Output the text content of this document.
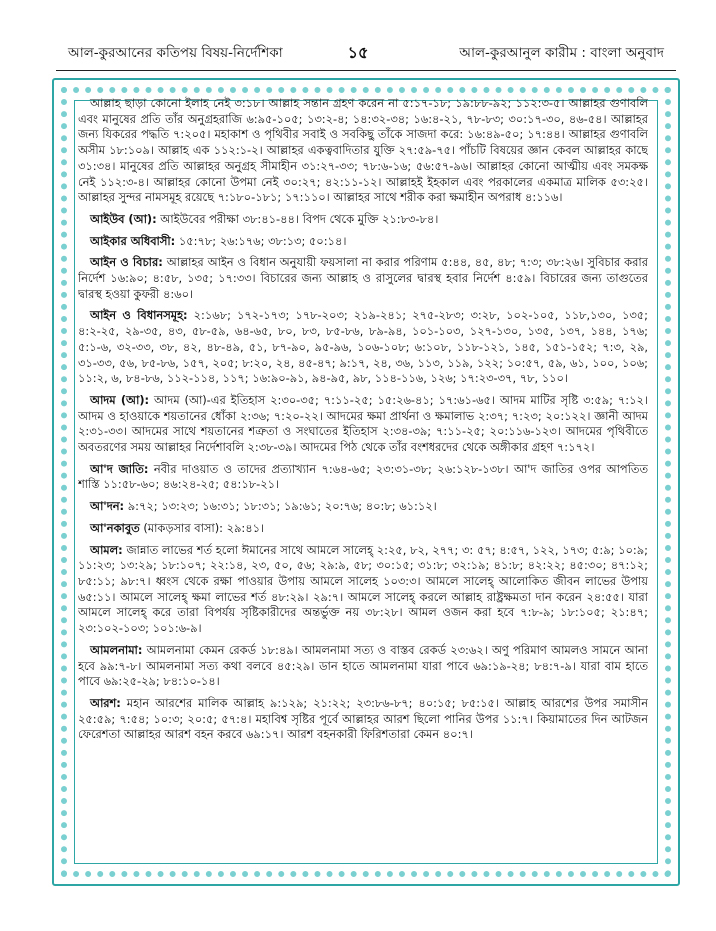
আল-কুরআনের কতিপয় বিষয়-নির্দেশিকা	১৫	আল-কুরআনুল কারীম : বাংলা অনুবাদ

আল্লাহ ছাড়া কোনো ইলাহ নেই ৩:১৮। আল্লাহ সন্তান গ্রহণ করেন না ৫:১৭-১৮; ১৯:৮৮-৯২; ১১২:৩-৫। আল্লাহর গুণাবলি এবং মানুষের প্রতি তাঁর অনুগ্রহরাজি ৬:৯৫-১০৫; ১৩:২-৪; ১৪:৩২-৩৪; ১৬:৪-২১, ৭৮-৮৩; ৩০:১৭-৩০, ৪৬-৫৪। আল্লাহর জন্য যিকরের পদ্ধতি ৭:২০৫। মহাকাশ ও পৃথিবীর সবাই ও সবকিছু তাঁকে সাজদা করে: ১৬:৪৯-৫০; ১৭:৪৪। আল্লাহর গুণাবলি অসীম ১৮:১০৯। আল্লাহ এক ১১২:১-২। আল্লাহর একত্ববাদিতার যুক্তি ২৭:৫৯-৭৫। পাঁচটি বিষয়ের জ্ঞান কেবল আল্লাহর কাছে ৩১:৩৪। মানুষের প্রতি আল্লাহর অনুগ্রহ সীমাহীন ৩১:২৭-৩৩; ৭৮:৬-১৬; ৫৬:৫৭-৯৬। আল্লাহর কোনো আত্মীয় এবং সমকক্ষ নেই ১১২:৩-৪। আল্লাহর কোনো উপমা নেই ৩০:২৭; ৪২:১১-১২। আল্লাহই ইহকাল এবং পরকালের একমাত্র মালিক ৫৩:২৫। আল্লাহর সুন্দর নামসমূহ রয়েছে ৭:১৮০-১৮১; ১৭:১১০। আল্লাহর সাথে শরীক করা ক্ষমাহীন অপরাধ ৪:১১৬।

আইউব (আ): আইউবের পরীক্ষা ৩৮:৪১-৪৪। বিপদ থেকে মুক্তি ২১:৮৩-৮৪।

আইকার অধিবাসী: ১৫:৭৮; ২৬:১৭৬; ৩৮:১৩; ৫০:১৪।

আইন ও বিচার: আল্লাহর আইন ও বিধান অনুযায়ী ফয়সালা না করার পরিণাম ৫:৪৪, ৪৫, ৪৮; ৭:৩; ৩৮:২৬। সুবিচার করার নির্দেশ ১৬:৯০; ৪:৫৮, ১৩৫; ১৭:৩৩। বিচারের জন্য আল্লাহ ও রাসুলের দ্বারস্থ হবার নির্দেশ ৪:৫৯। বিচারের জন্য তাগুতের দ্বারস্থ হওয়া কুফরী ৪:৬০।

আইন ও বিধানসমূহ: ২:১৬৮; ১৭২-১৭৩; ১৭৮-২০৩; ২১৯-২৪১; ২৭৫-২৮৩; ৩:২৮, ১০২-১০৫, ১১৮,১৩০, ১৩৫; ৪:২-২৫, ২৯-৩৫, ৪৩, ৫৮-৫৯, ৬৪-৬৫, ৮০, ৮৩, ৮৫-৮৬, ৮৯-৯৪, ১০১-১০৩, ১২৭-১৩০, ১৩৫, ১৩৭, ১৪৪, ১৭৬; ৫:১-৬, ৩২-৩৩, ৩৮, ৪২, ৪৮-৪৯, ৫১, ৮৭-৯০, ৯৫-৯৬, ১০৬-১০৮; ৬:১০৮, ১১৮-১২১, ১৪৫, ১৫১-১৫২; ৭:৩, ২৯, ৩১-৩৩, ৫৬, ৮৫-৮৬, ১৫৭, ২০৫; ৮:২০, ২৪, ৪৫-৪৭; ৯:১৭, ২৪, ৩৬, ১১৩, ১১৯, ১২২; ১০:৫৭, ৫৯, ৬১, ১০০, ১০৬; ১১:২, ৬, ৮৪-৮৬, ১১২-১১৪, ১১৭; ১৬:৯০-৯১, ৯৪-৯৫, ৯৮, ১১৪-১১৬, ১২৬; ১৭:২৩-৩৭, ৭৮, ১১০।

আদম (আ): আদম (আ)-এর ইতিহাস ২:৩০-৩৫; ৭:১১-২৫; ১৫:২৬-৪১; ১৭:৬১-৬৫। আদম মাটির সৃষ্টি ৩:৫৯; ৭:১২। আদম ও হাওয়াকে শয়তানের ধোঁকা ২:৩৬; ৭:২০-২২। আদমের ক্ষমা প্রার্থনা ও ক্ষমালাভ ২:৩৭; ৭:২৩; ২০:১২২। জ্ঞানী আদম ২:৩১-৩৩। আদমের সাথে শয়তানের শত্রুতা ও সংঘাতের ইতিহাস ২:৩৪-৩৯; ৭:১১-২৫; ২০:১১৬-১২৩। আদমের পৃথিবীতে অবতরণের সময় আল্লাহর নির্দেশাবলি ২:৩৮-৩৯। আদমের পিঠ থেকে তাঁর বংশধরদের থেকে অঙ্গীকার গ্রহণ ৭:১৭২।

আ'দ জাতি: নবীর দাওয়াত ও তাদের প্রত্যাখ্যান ৭:৬৪-৬৫; ২৩:৩১-৩৮; ২৬:১২৮-১৩৮। আ'দ জাতির ওপর আপতিত শাস্তি ১১:৫৮-৬০; ৪৬:২৪-২৫; ৫৪:১৮-২১।

আ'দন: ৯:৭২; ১৩:২৩; ১৬:৩১; ১৮:৩১; ১৯:৬১; ২০:৭৬; ৪০:৮; ৬১:১২।

আ'নকাবুত (মাকড়সার বাসা): ২৯:৪১।

আমল: জান্নাত লাভের শর্ত হলো ঈমানের সাথে আমলে সালেহ্‌ ২:২৫, ৮২, ২৭৭; ৩: ৫৭; ৪:৫৭, ১২২, ১৭৩; ৫:৯; ১০:৯; ১১:২৩; ১৩:২৯; ১৮:১০৭; ২২:১৪, ২৩, ৫০, ৫৬; ২৯:৯, ৫৮; ৩০:১৫; ৩১:৮; ৩২:১৯; ৪১:৮; ৪২:২২; ৪৫:৩০; ৪৭:১২; ৮৫:১১; ৯৮:৭। ধ্বংস থেকে রক্ষা পাওয়ার উপায় আমলে সালেহ ১০৩:৩। আমলে সালেহ্‌ আলোকিত জীবন লাভের উপায় ৬৫:১১। আমলে সালেহ্‌ ক্ষমা লাভের শর্ত ৪৮:২৯। ২৯:৭। আমলে সালেহ্‌ করলে আল্লাহ রাষ্ট্রক্ষমতা দান করেন ২৪:৫৫। যারা আমলে সালেহ্‌ করে তারা বিপর্যয় সৃষ্টিকারীদের অন্তর্ভুক্ত নয় ৩৮:২৮। আমল ওজন করা হবে ৭:৮-৯; ১৮:১০৫; ২১:৪৭; ২৩:১০২-১০৩; ১০১:৬-৯।

আমলনামা: আমলনামা কেমন রেকর্ড ১৮:৪৯। আমলনামা সত্য ও বাস্তব রেকর্ড ২৩:৬২। অণু পরিমাণ আমলও সামনে আনা হবে ৯৯:৭-৮। আমলনামা সত্য কথা বলবে ৪৫:২৯। ডান হাতে আমলনামা যারা পাবে ৬৯:১৯-২৪; ৮৪:৭-৯। যারা বাম হাতে পাবে ৬৯:২৫-২৯; ৮৪:১০-১৪।

আরশ: মহান আরশের মালিক আল্লাহ ৯:১২৯; ২১:২২; ২৩:৮৬-৮৭; ৪০:১৫; ৮৫:১৫। আল্লাহ আরশের উপর সমাসীন ২৫:৫৯; ৭:৫৪; ১০:৩; ২০:৫; ৫৭:৪। মহাবিশ্ব সৃষ্টির পূর্বে আল্লাহর আরশ ছিলো পানির উপর ১১:৭। কিয়ামাতের দিন আটজন ফেরেশতা আল্লাহর আরশ বহন করবে ৬৯:১৭। আরশ বহনকারী ফিরিশতারা কেমন ৪০:৭।
